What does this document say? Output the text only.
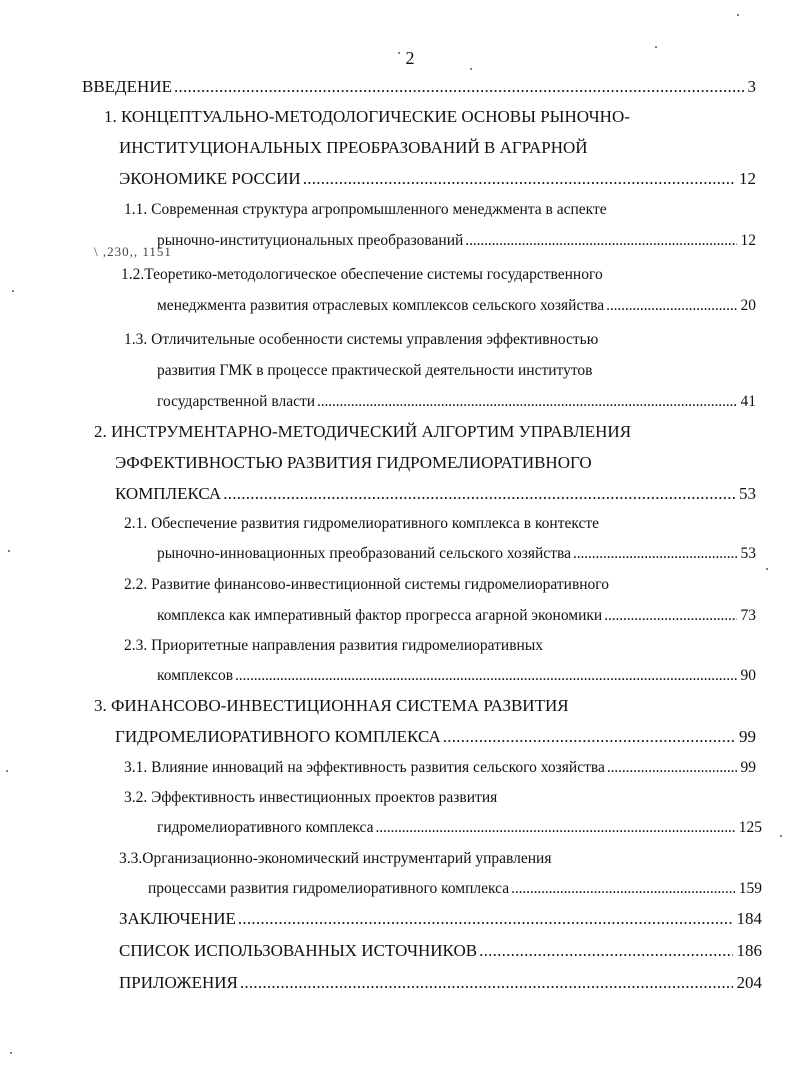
2
\ ,230,, 1151
ВВЕДЕНИЕ . . .	3
1. КОНЦЕПТУАЛЬНО-МЕТОДОЛОГИЧЕСКИЕ ОСНОВЫ РЫНОЧНО-
ИНСТИТУЦИОНАЛЬНЫХ ПРЕОБРАЗОВАНИЙ В АГРАРНОЙ
ЭКОНОМИКЕ РОССИИ . . .	12
1.1. Современная структура агропромышленного менеджмента в аспекте
рыночно-институциональных преобразований . . .	12
1.2.Теоретико-методологическое обеспечение системы государственного
менеджмента развития отраслевых комплексов сельского хозяйства . . .	20
1.3. Отличительные особенности системы управления эффективностью
развития ГМК в процессе практической деятельности институтов
государственной власти . . .	41
2. ИНСТРУМЕНТАРНО-МЕТОДИЧЕСКИЙ АЛГОРТИМ УПРАВЛЕНИЯ
ЭФФЕКТИВНОСТЬЮ РАЗВИТИЯ ГИДРОМЕЛИОРАТИВНОГО
КОМПЛЕКСА . . .	53
2.1. Обеспечение развития гидромелиоративного комплекса в контексте
рыночно-инновационных преобразований сельского хозяйства . . .	53
2.2. Развитие финансово-инвестиционной системы гидромелиоративного
комплекса как императивный фактор прогресса агарной экономики . . .	73
2.3. Приоритетные направления развития гидромелиоративных
комплексов . . .	90
3. ФИНАНСОВО-ИНВЕСТИЦИОННАЯ СИСТЕМА РАЗВИТИЯ
ГИДРОМЕЛИОРАТИВНОГО КОМПЛЕКСА . . .	99
3.1. Влияние инноваций на эффективность развития сельского хозяйства . . .	99
3.2. Эффективность инвестиционных проектов развития
гидромелиоративного комплекса . . .	125
3.3.Организационно-экономический инструментарий управления
процессами развития гидромелиоративного комплекса . . .	159
ЗАКЛЮЧЕНИЕ . . .	184
СПИСОК ИСПОЛЬЗОВАННЫХ ИСТОЧНИКОВ . . .	186
ПРИЛОЖЕНИЯ . . .	204
